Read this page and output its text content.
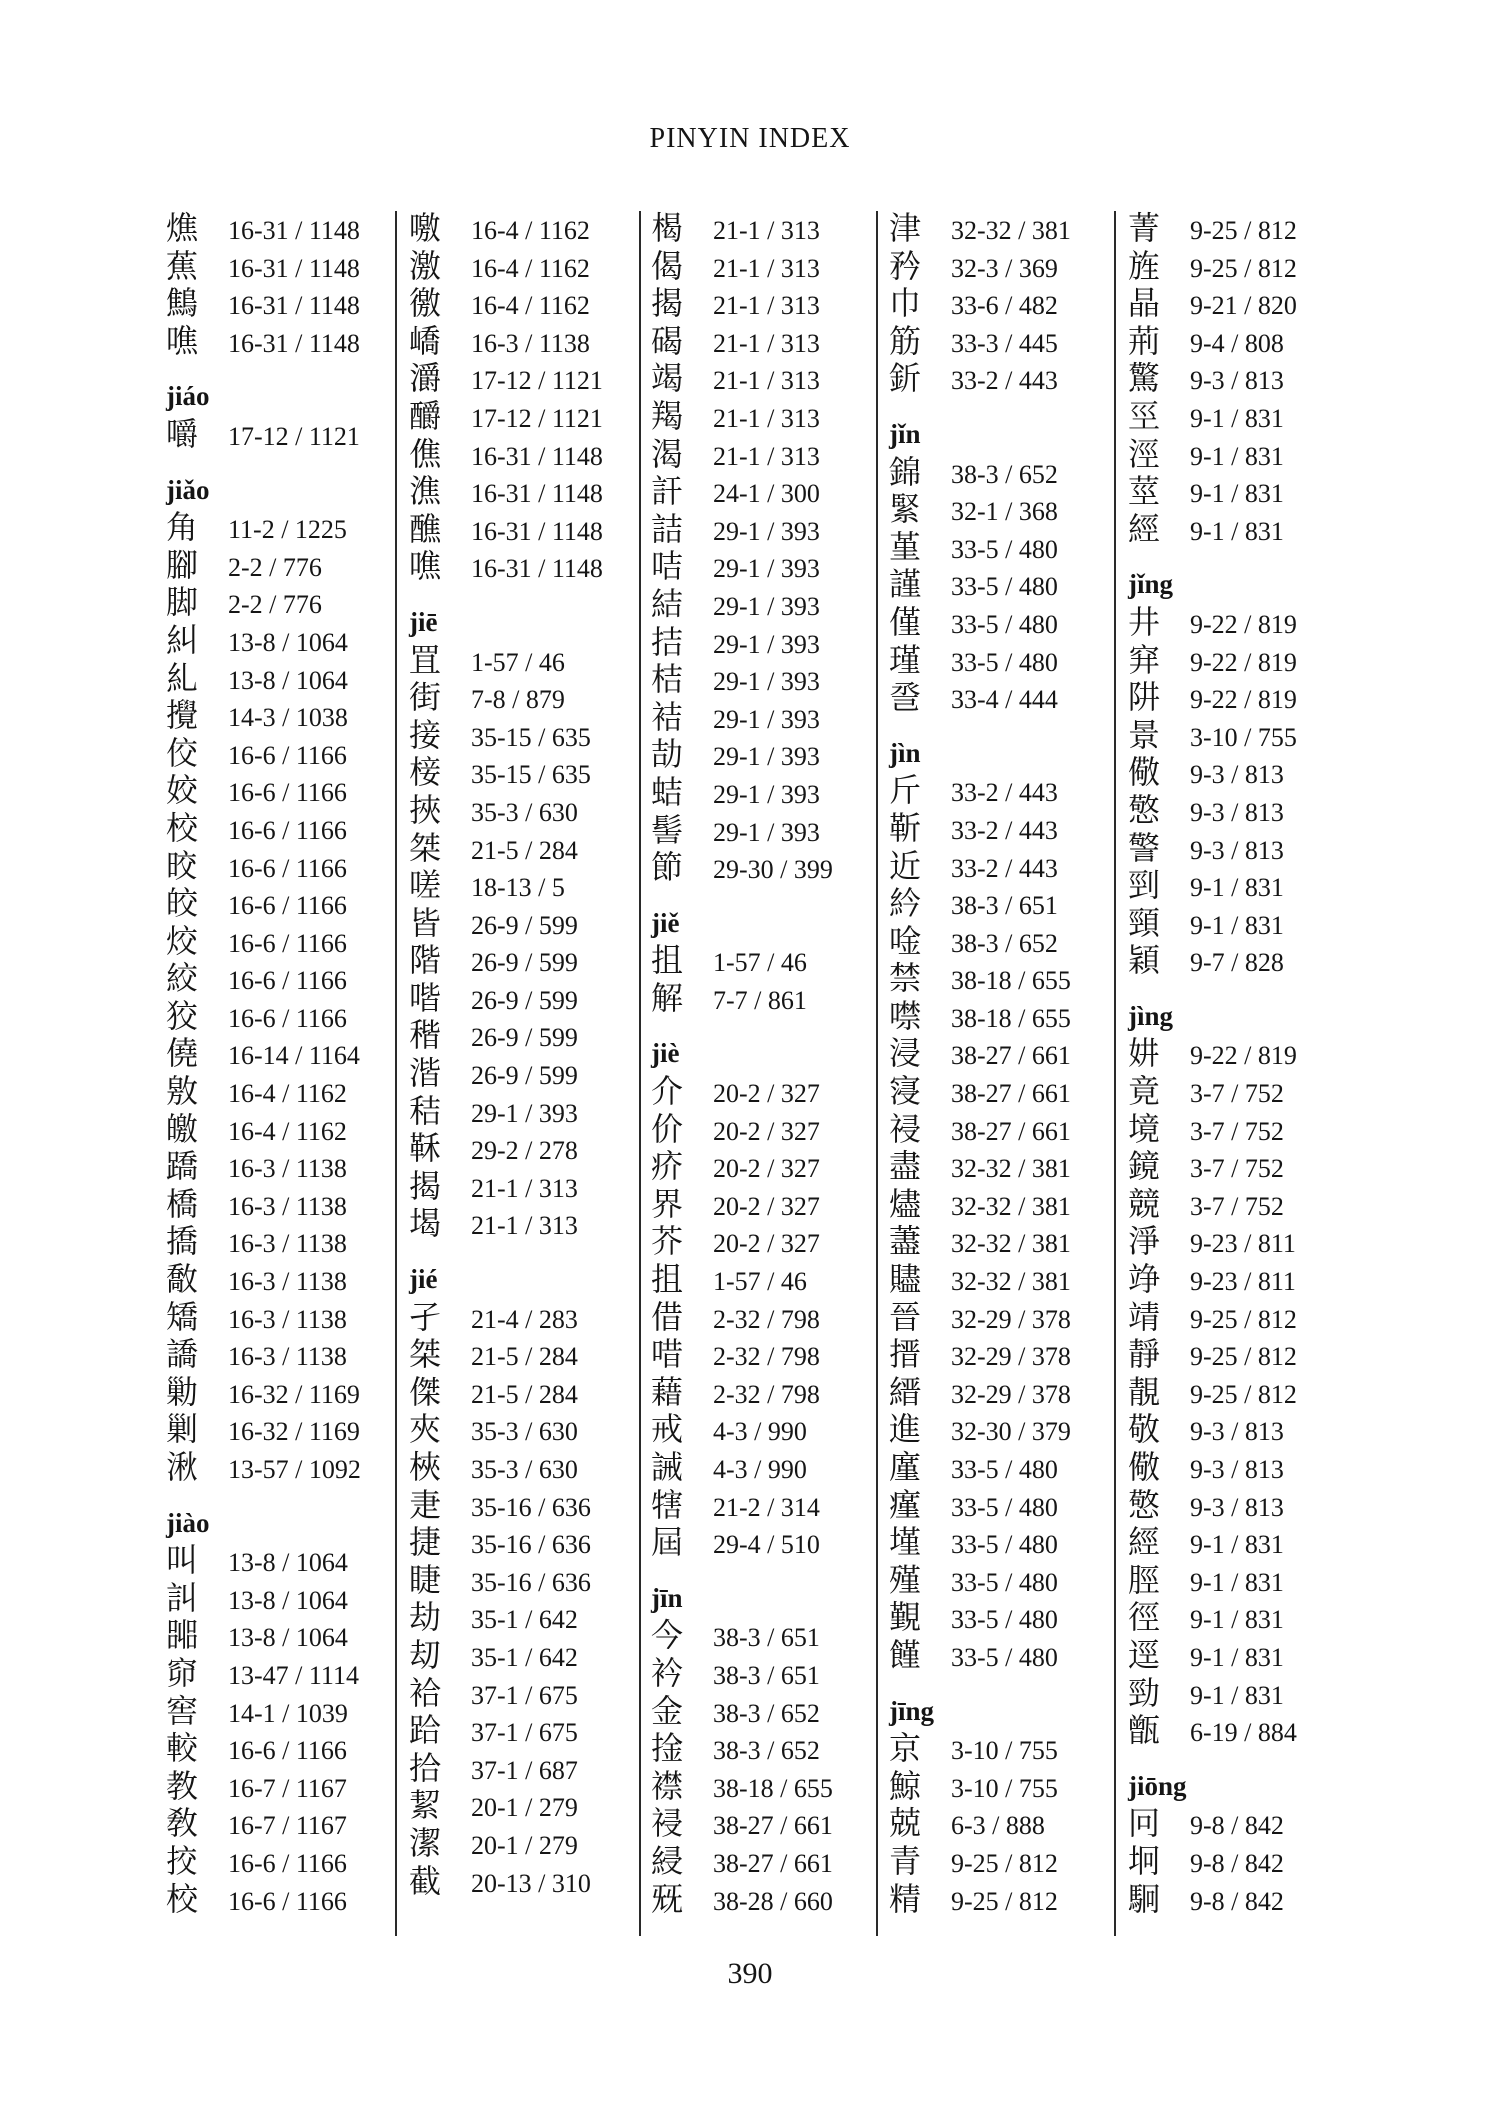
PINYIN INDEX
燋	16-31 / 1148
蕉	16-31 / 1148
鷦	16-31 / 1148
噍	16-31 / 1148
jiáo
嚼	17-12 / 1121
jiǎo
角	11-2 / 1225
腳	2-2 / 776
脚	2-2 / 776
糾	13-8 / 1064
糺	13-8 / 1064
攪	14-3 / 1038
佼	16-6 / 1166
姣	16-6 / 1166
校	16-6 / 1166
晈	16-6 / 1166
皎	16-6 / 1166
烄	16-6 / 1166
絞	16-6 / 1166
狡	16-6 / 1166
僥	16-14 / 1164
敫	16-4 / 1162
皦	16-4 / 1162
蹻	16-3 / 1138
橋	16-3 / 1138
撟	16-3 / 1138
敿	16-3 / 1138
矯	16-3 / 1138
譑	16-3 / 1138
勦	16-32 / 1169
剿	16-32 / 1169
湫	13-57 / 1092
jiào
叫	13-8 / 1064
訆	13-8 / 1064
嘂	13-8 / 1064
窌	13-47 / 1114
窖	14-1 / 1039
較	16-6 / 1166
教	16-7 / 1167
敎	16-7 / 1167
挍	16-6 / 1166
校	16-6 / 1166
噭	16-4 / 1162
激	16-4 / 1162
徼	16-4 / 1162
嶠	16-3 / 1138
灂	17-12 / 1121
釂	17-12 / 1121
僬	16-31 / 1148
潐	16-31 / 1148
醮	16-31 / 1148
噍	16-31 / 1148
jiē
罝	1-57 / 46
街	7-8 / 879
接	35-15 / 635
椄	35-15 / 635
挾	35-3 / 630
桀	21-5 / 284
嗟	18-13 / 5
皆	26-9 / 599
階	26-9 / 599
喈	26-9 / 599
稭	26-9 / 599
湝	26-9 / 599
秸	29-1 / 393
鞂	29-2 / 278
揭	21-1 / 313
堨	21-1 / 313
jié
孑	21-4 / 283
桀	21-5 / 284
傑	21-5 / 284
夾	35-3 / 630
梜	35-3 / 630
疌	35-16 / 636
捷	35-16 / 636
睫	35-16 / 636
劫	35-1 / 642
刧	35-1 / 642
袷	37-1 / 675
跲	37-1 / 675
拾	37-1 / 687
絜	20-1 / 279
潔	20-1 / 279
截	20-13 / 310
楬	21-1 / 313
偈	21-1 / 313
揭	21-1 / 313
碣	21-1 / 313
竭	21-1 / 313
羯	21-1 / 313
渴	21-1 / 313
訐	24-1 / 300
詰	29-1 / 393
咭	29-1 / 393
結	29-1 / 393
拮	29-1 / 393
桔	29-1 / 393
袺	29-1 / 393
劼	29-1 / 393
蛣	29-1 / 393
髻	29-1 / 393
節	29-30 / 399
jiě
抯	1-57 / 46
解	7-7 / 861
jiè
介	20-2 / 327
价	20-2 / 327
疥	20-2 / 327
界	20-2 / 327
芥	20-2 / 327
抯	1-57 / 46
借	2-32 / 798
唶	2-32 / 798
藉	2-32 / 798
戒	4-3 / 990
誡	4-3 / 990
犗	21-2 / 314
屆	29-4 / 510
jīn
今	38-3 / 651
衿	38-3 / 651
金	38-3 / 652
捦	38-3 / 652
襟	38-18 / 655
祲	38-27 / 661
綅	38-27 / 661
兓	38-28 / 660
津	32-32 / 381
矜	32-3 / 369
巾	33-6 / 482
筋	33-3 / 445
釿	33-2 / 443
jǐn
錦	38-3 / 652
緊	32-1 / 368
堇	33-5 / 480
謹	33-5 / 480
僅	33-5 / 480
瑾	33-5 / 480
巹	33-4 / 444
jìn
斤	33-2 / 443
靳	33-2 / 443
近	33-2 / 443
紟	38-3 / 651
唫	38-3 / 652
禁	38-18 / 655
噤	38-18 / 655
浸	38-27 / 661
寖	38-27 / 661
祲	38-27 / 661
盡	32-32 / 381
燼	32-32 / 381
藎	32-32 / 381
贐	32-32 / 381
晉	32-29 / 378
搢	32-29 / 378
縉	32-29 / 378
進	32-30 / 379
廑	33-5 / 480
瘽	33-5 / 480
墐	33-5 / 480
殣	33-5 / 480
覲	33-5 / 480
饉	33-5 / 480
jīng
京	3-10 / 755
鯨	3-10 / 755
兢	6-3 / 888
青	9-25 / 812
精	9-25 / 812
菁	9-25 / 812
旌	9-25 / 812
晶	9-21 / 820
荊	9-4 / 808
驚	9-3 / 813
巠	9-1 / 831
涇	9-1 / 831
莖	9-1 / 831
經	9-1 / 831
jǐng
井	9-22 / 819
穽	9-22 / 819
阱	9-22 / 819
景	3-10 / 755
儆	9-3 / 813
憼	9-3 / 813
警	9-3 / 813
剄	9-1 / 831
頸	9-1 / 831
穎	9-7 / 828
jìng
妌	9-22 / 819
竟	3-7 / 752
境	3-7 / 752
鏡	3-7 / 752
競	3-7 / 752
淨	9-23 / 811
竫	9-23 / 811
靖	9-25 / 812
靜	9-25 / 812
靚	9-25 / 812
敬	9-3 / 813
儆	9-3 / 813
憼	9-3 / 813
經	9-1 / 831
脛	9-1 / 831
徑	9-1 / 831
逕	9-1 / 831
勁	9-1 / 831
甑	6-19 / 884
jiōng
冋	9-8 / 842
坰	9-8 / 842
駉	9-8 / 842
390
